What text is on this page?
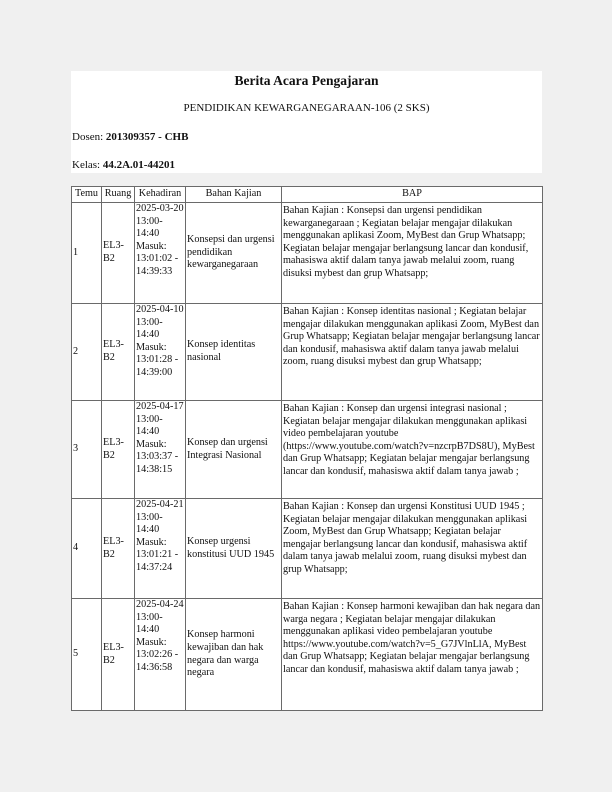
Berita Acara Pengajaran
PENDIDIKAN KEWARGANEGARAAN-106 (2 SKS)
Dosen: 201309357 - CHB
Kelas: 44.2A.01-44201
Temu	Ruang	Kehadiran	Bahan Kajian	BAP
1	EL3-B2	2025-03-20 13:00-14:40 Masuk: 13:01:02 - 14:39:33	Konsepsi dan urgensi pendidikan kewarganegaraan	Bahan Kajian : Konsepsi dan urgensi pendidikan kewarganegaraan ; Kegiatan belajar mengajar dilakukan menggunakan aplikasi Zoom, MyBest dan Grup Whatsapp; Kegiatan belajar mengajar berlangsung lancar dan kondusif, mahasiswa aktif dalam tanya jawab melalui zoom, ruang disuksi mybest dan grup Whatsapp;
2	EL3-B2	2025-04-10 13:00-14:40 Masuk: 13:01:28 - 14:39:00	Konsep identitas nasional	Bahan Kajian : Konsep identitas nasional ; Kegiatan belajar mengajar dilakukan menggunakan aplikasi Zoom, MyBest dan Grup Whatsapp; Kegiatan belajar mengajar berlangsung lancar dan kondusif, mahasiswa aktif dalam tanya jawab melalui zoom, ruang disuksi mybest dan grup Whatsapp;
3	EL3-B2	2025-04-17 13:00-14:40 Masuk: 13:03:37 - 14:38:15	Konsep dan urgensi Integrasi Nasional	Bahan Kajian : Konsep dan urgensi integrasi nasional ; Kegiatan belajar mengajar dilakukan menggunakan aplikasi video pembelajaran youtube (https://www.youtube.com/watch?v=nzcrpB7DS8U), MyBest dan Grup Whatsapp; Kegiatan belajar mengajar berlangsung lancar dan kondusif, mahasiswa aktif dalam tanya jawab ;
4	EL3-B2	2025-04-21 13:00-14:40 Masuk: 13:01:21 - 14:37:24	Konsep urgensi konstitusi UUD 1945	Bahan Kajian : Konsep dan urgensi Konstitusi UUD 1945 ; Kegiatan belajar mengajar dilakukan menggunakan aplikasi Zoom, MyBest dan Grup Whatsapp; Kegiatan belajar mengajar berlangsung lancar dan kondusif, mahasiswa aktif dalam tanya jawab melalui zoom, ruang disuksi mybest dan grup Whatsapp;
5	EL3-B2	2025-04-24 13:00-14:40 Masuk: 13:02:26 - 14:36:58	Konsep harmoni kewajiban dan hak negara dan warga negara	Bahan Kajian : Konsep harmoni kewajiban dan hak negara dan warga negara ; Kegiatan belajar mengajar dilakukan menggunakan aplikasi video pembelajaran youtube https://www.youtube.com/watch?v=5_G7JVlnLlA, MyBest dan Grup Whatsapp; Kegiatan belajar mengajar berlangsung lancar dan kondusif, mahasiswa aktif dalam tanya jawab ;
